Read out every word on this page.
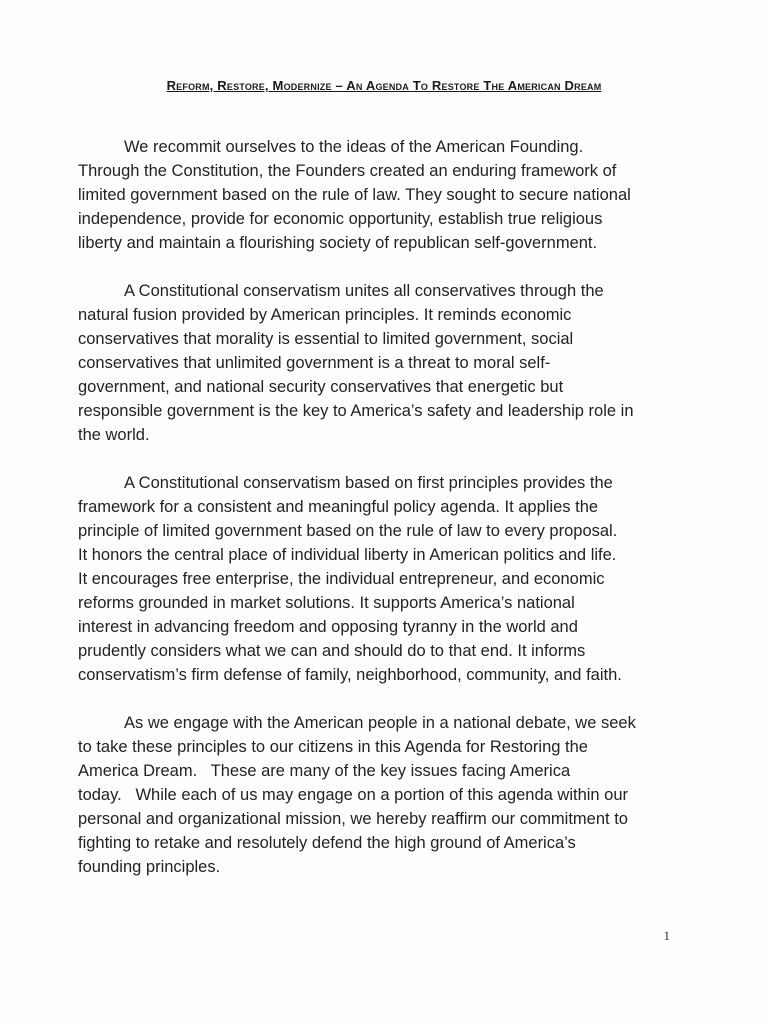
Reform, Restore, Modernize – An Agenda To Restore The American Dream

We recommit ourselves to the ideas of the American Founding.
Through the Constitution, the Founders created an enduring framework of
limited government based on the rule of law. They sought to secure national
independence, provide for economic opportunity, establish true religious
liberty and maintain a flourishing society of republican self-government.

A Constitutional conservatism unites all conservatives through the
natural fusion provided by American principles. It reminds economic
conservatives that morality is essential to limited government, social
conservatives that unlimited government is a threat to moral self-
government, and national security conservatives that energetic but
responsible government is the key to America’s safety and leadership role in
the world.

A Constitutional conservatism based on first principles provides the
framework for a consistent and meaningful policy agenda. It applies the
principle of limited government based on the rule of law to every proposal.
It honors the central place of individual liberty in American politics and life.
It encourages free enterprise, the individual entrepreneur, and economic
reforms grounded in market solutions. It supports America’s national
interest in advancing freedom and opposing tyranny in the world and
prudently considers what we can and should do to that end. It informs
conservatism’s firm defense of family, neighborhood, community, and faith.

As we engage with the American people in a national debate, we seek
to take these principles to our citizens in this Agenda for Restoring the
America Dream.   These are many of the key issues facing America
today.   While each of us may engage on a portion of this agenda within our
personal and organizational mission, we hereby reaffirm our commitment to
fighting to retake and resolutely defend the high ground of America’s
founding principles.

1
